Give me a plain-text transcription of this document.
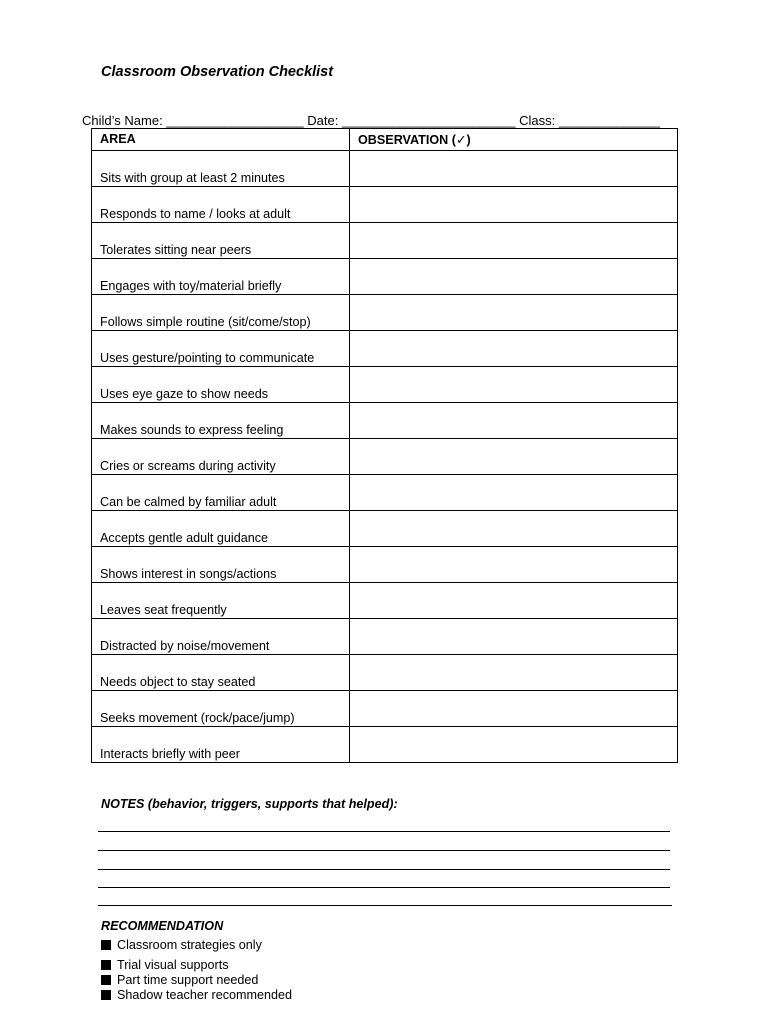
Classroom Observation Checklist
Child’s Name: ___________________ Date: ________________________ Class: ______________
AREA	OBSERVATION (✓)
Sits with group at least 2 minutes	
Responds to name / looks at adult	
Tolerates sitting near peers	
Engages with toy/material briefly	
Follows simple routine (sit/come/stop)	
Uses gesture/pointing to communicate	
Uses eye gaze to show needs	
Makes sounds to express feeling	
Cries or screams during activity	
Can be calmed by familiar adult	
Accepts gentle adult guidance	
Shows interest in songs/actions	
Leaves seat frequently	
Distracted by noise/movement	
Needs object to stay seated	
Seeks movement (rock/pace/jump)	
Interacts briefly with peer	
NOTES (behavior, triggers, supports that helped):
RECOMMENDATION
Classroom strategies only
Trial visual supports
Part time support needed
Shadow teacher recommended
